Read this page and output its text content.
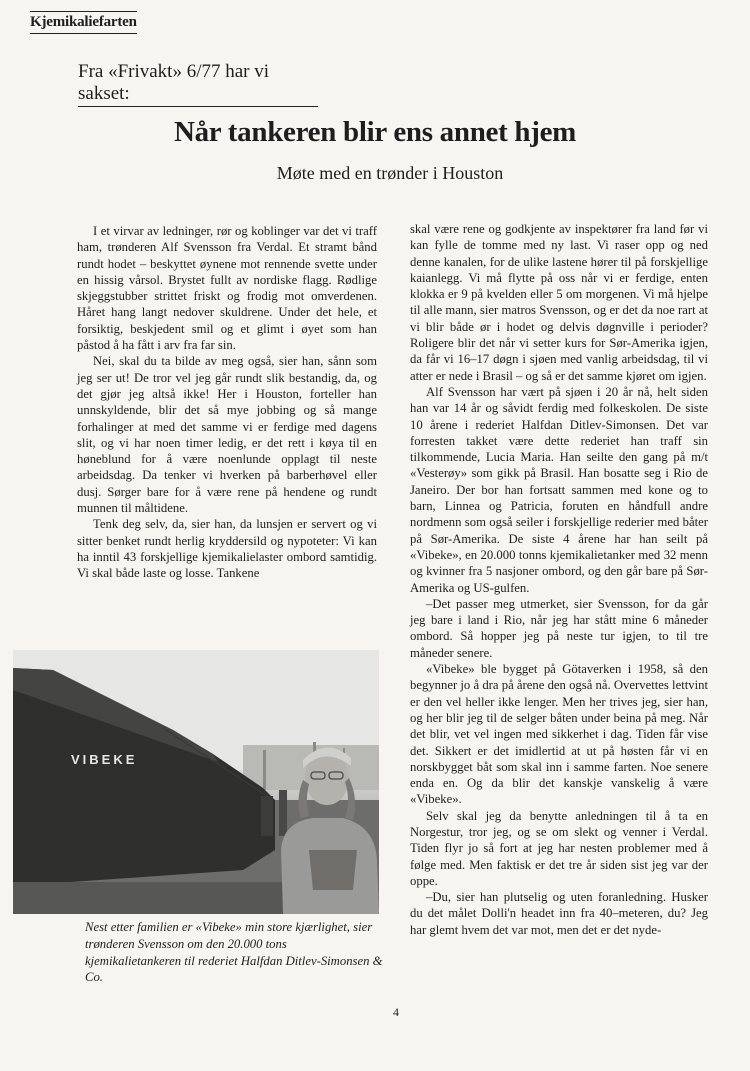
Kjemikaliefarten
Fra «Frivakt» 6/77 har vi sakset:
Når tankeren blir ens annet hjem
Møte med en trønder i Houston

I et virvar av ledninger, rør og koblinger var det vi traff ham, trønderen Alf Svensson fra Verdal. Et stramt bånd rundt hodet – beskyttet øynene mot rennende svette under en hissig vårsol. Brystet fullt av nordiske flagg. Rødlige skjeggstubber strittet friskt og frodig mot omverdenen. Håret hang langt nedover skuldrene. Under det hele, et forsiktig, beskjedent smil og et glimt i øyet som han påstod å ha fått i arv fra far sin.

Nei, skal du ta bilde av meg også, sier han, sånn som jeg ser ut! De tror vel jeg går rundt slik bestandig, da, og det gjør jeg altså ikke! Her i Houston, forteller han unnskyldende, blir det så mye jobbing og så mange forhalinger at med det samme vi er ferdige med dagens slit, og vi har noen timer ledig, er det rett i køya til en høneblund for å være noenlunde opplagt til neste arbeidsdag. Da tenker vi hverken på barberhøvel eller dusj. Sørger bare for å være rene på hendene og rundt munnen til måltidene.

Tenk deg selv, da, sier han, da lunsjen er servert og vi sitter benket rundt herlig kryddersild og nypoteter: Vi kan ha inntil 43 forskjellige kjemikalielaster ombord samtidig. Vi skal både laste og losse. Tankene

skal være rene og godkjente av inspektører fra land før vi kan fylle de tomme med ny last. Vi raser opp og ned denne kanalen, for de ulike lastene hører til på forskjellige kaianlegg. Vi må flytte på oss når vi er ferdige, enten klokka er 9 på kvelden eller 5 om morgenen. Vi må hjelpe til alle mann, sier matros Svensson, og er det da noe rart at vi blir både ør i hodet og delvis døgnville i perioder? Roligere blir det når vi setter kurs for Sør-Amerika igjen, da får vi 16–17 døgn i sjøen med vanlig arbeidsdag, til vi atter er nede i Brasil – og så er det samme kjøret om igjen.

Alf Svensson har vært på sjøen i 20 år nå, helt siden han var 14 år og såvidt ferdig med folkeskolen. De siste 10 årene i rederiet Halfdan Ditlev-Simonsen. Det var forresten takket være dette rederiet han traff sin tilkommende, Lucia Maria. Han seilte den gang på m/t «Vesterøy» som gikk på Brasil. Han bosatte seg i Rio de Janeiro. Der bor han fortsatt sammen med kone og to barn, Linnea og Patricia, foruten en håndfull andre nordmenn som også seiler i forskjellige rederier med båter på Sør-Amerika. De siste 4 årene har han seilt på «Vibeke», en 20.000 tonns kjemikalietanker med 32 menn og kvinner fra 5 nasjoner ombord, og den går bare på Sør-Amerika og US-gulfen.

–Det passer meg utmerket, sier Svensson, for da går jeg bare i land i Rio, når jeg har stått mine 6 måneder ombord. Så hopper jeg på neste tur igjen, to til tre måneder senere.

«Vibeke» ble bygget på Götaverken i 1958, så den begynner jo å dra på årene den også nå. Overvettes lettvint er den vel heller ikke lenger. Men her trives jeg, sier han, og her blir jeg til de selger båten under beina på meg. Når det blir, vet vel ingen med sikkerhet i dag. Tiden får vise det. Sikkert er det imidlertid at ut på høsten får vi en norskbygget båt som skal inn i samme farten. Noe senere enda en. Og da blir det kanskje vanskelig å være «Vibeke».

Selv skal jeg da benytte anledningen til å ta en Norgestur, tror jeg, og se om slekt og venner i Verdal. Tiden flyr jo så fort at jeg har nesten problemer med å følge med. Men faktisk er det tre år siden sist jeg var der oppe.

–Du, sier han plutselig og uten foranledning. Husker du det målet Dolli'n headet inn fra 40–meteren, du? Jeg har glemt hvem det var mot, men det er det nyde-

VIBEKE
Nest etter familien er «Vibeke» min store kjærlighet, sier trønderen Svensson om den 20.000 tons kjemikalietankeren til rederiet Halfdan Ditlev-Simonsen & Co.
4
